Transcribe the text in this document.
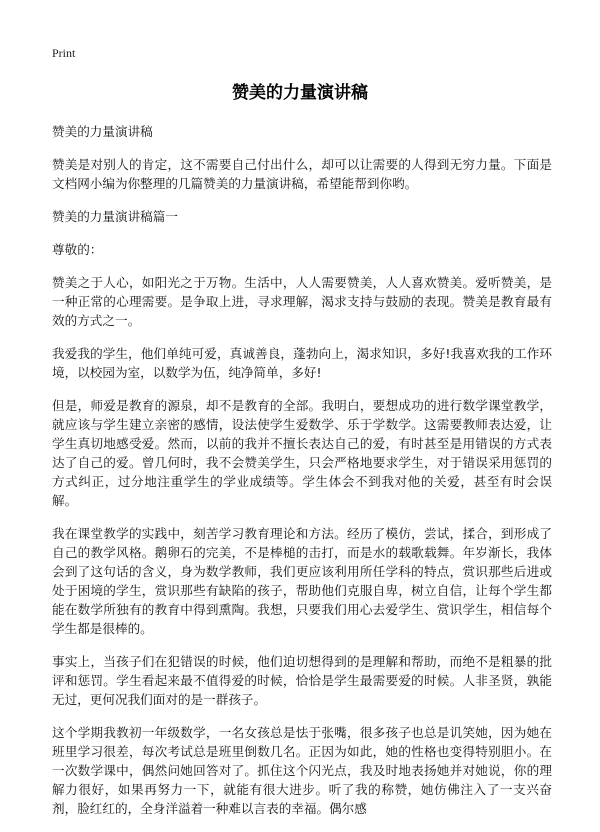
Print
赞美的力量演讲稿

赞美的力量演讲稿

赞美是对别人的肯定，这不需要自己付出什么，却可以让需要的人得到无穷力量。下面是文档网小编为你整理的几篇赞美的力量演讲稿，希望能帮到你哟。

赞美的力量演讲稿篇一

尊敬的：

赞美之于人心，如阳光之于万物。生活中，人人需要赞美，人人喜欢赞美。爱听赞美，是一种正常的心理需要。是争取上进，寻求理解，渴求支持与鼓励的表现。赞美是教育最有效的方式之一。

我爱我的学生，他们单纯可爱，真诚善良，蓬勃向上，渴求知识，多好!我喜欢我的工作环境，以校园为室，以数学为伍，纯净简单，多好!

但是，师爱是教育的源泉，却不是教育的全部。我明白，要想成功的进行数学课堂教学，就应该与学生建立亲密的感情，设法使学生爱数学、乐于学数学。这需要教师表达爱，让学生真切地感受爱。然而，以前的我并不擅长表达自己的爱，有时甚至是用错误的方式表达了自己的爱。曾几何时，我不会赞美学生，只会严格地要求学生，对于错误采用惩罚的方式纠正，过分地注重学生的学业成绩等。学生体会不到我对他的关爱，甚至有时会误解。

我在课堂教学的实践中，刻苦学习教育理论和方法。经历了模仿，尝试，揉合，到形成了自己的教学风格。鹅卵石的完美，不是棒槌的击打，而是水的载歌载舞。年岁渐长，我体会到了这句话的含义，身为数学教师，我们更应该利用所任学科的特点，赏识那些后进或处于困境的学生，赏识那些有缺陷的孩子，帮助他们克服自卑，树立自信，让每个学生都能在数学所独有的教育中得到熏陶。我想，只要我们用心去爱学生、赏识学生，相信每个学生都是很棒的。

事实上，当孩子们在犯错误的时候，他们迫切想得到的是理解和帮助，而绝不是粗暴的批评和惩罚。学生看起来最不值得爱的时候，恰恰是学生最需要爱的时候。人非圣贤，孰能无过，更何况我们面对的是一群孩子。

这个学期我教初一年级数学，一名女孩总是怯于张嘴，很多孩子也总是讥笑她，因为她在班里学习很差，每次考试总是班里倒数几名。正因为如此，她的性格也变得特别胆小。在一次数学课中，偶然问她回答对了。抓住这个闪光点，我及时地表扬她并对她说，你的理解力很好，如果再努力一下，就能有很大进步。听了我的称赞，她仿佛注入了一支兴奋剂，脸红红的，全身洋溢着一种难以言表的幸福。偶尔感
